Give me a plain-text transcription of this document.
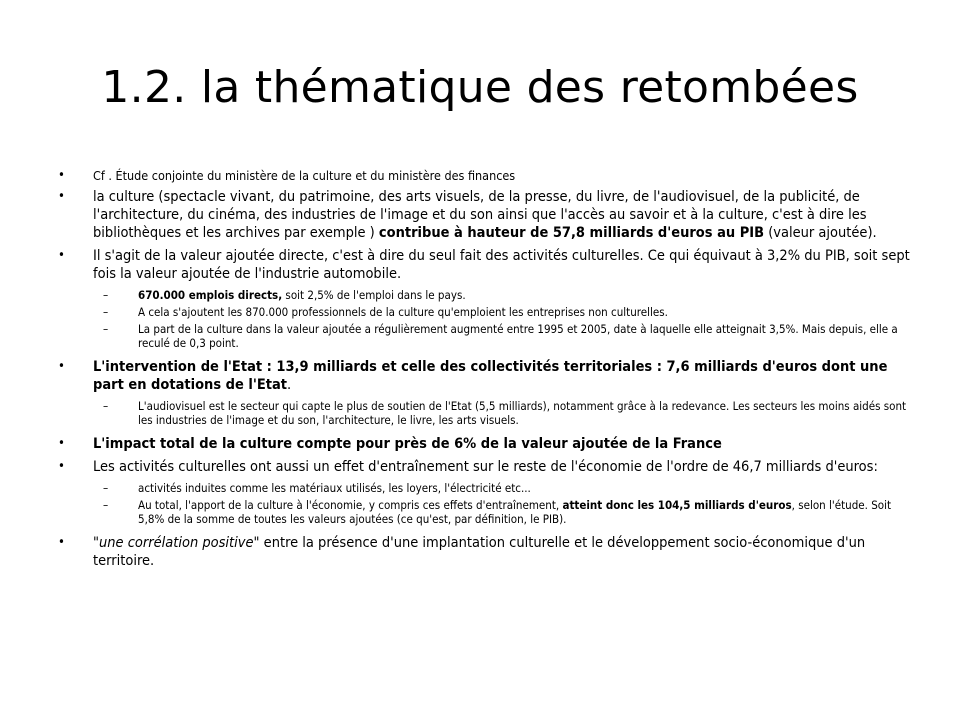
1.2. la thématique des retombées
• Cf . Étude conjointe du ministère de la culture et du ministère des finances
• la culture (spectacle vivant, du patrimoine, des arts visuels, de la presse, du livre, de l'audiovisuel, de la publicité, de l'architecture, du cinéma, des industries de l'image et du son ainsi que l'accès au savoir et à la culture, c'est à dire les bibliothèques et les archives par exemple ) contribue à hauteur de 57,8 milliards d'euros au PIB (valeur ajoutée).
• Il s'agit de la valeur ajoutée directe, c'est à dire du seul fait des activités culturelles. Ce qui équivaut à 3,2% du PIB, soit sept fois la valeur ajoutée de l'industrie automobile.
–	670.000 emplois directs, soit 2,5% de l'emploi dans le pays.
–	A cela s'ajoutent les 870.000 professionnels de la culture qu'emploient les entreprises non culturelles.
–	La part de la culture dans la valeur ajoutée a régulièrement augmenté entre 1995 et 2005, date à laquelle elle atteignait 3,5%. Mais depuis, elle a reculé de 0,3 point.
• L'intervention de l'Etat : 13,9 milliards et celle des collectivités territoriales : 7,6 milliards d'euros dont une part en dotations de l'Etat.
–	L'audiovisuel est le secteur qui capte le plus de soutien de l'Etat (5,5 milliards), notamment grâce à la redevance. Les secteurs les moins aidés sont les industries de l'image et du son, l'architecture, le livre, les arts visuels.
• L'impact total de la culture compte pour près de 6% de la valeur ajoutée de la France
• Les activités culturelles ont aussi un effet d'entraînement sur le reste de l'économie de l'ordre de 46,7 milliards d'euros:
–	activités induites comme les matériaux utilisés, les loyers, l'électricité etc...
–	Au total, l'apport de la culture à l'économie, y compris ces effets d'entraînement, atteint donc les 104,5 milliards d'euros, selon l'étude. Soit 5,8% de la somme de toutes les valeurs ajoutées (ce qu'est, par définition, le PIB).
• "une corrélation positive" entre la présence d'une implantation culturelle et le développement socio-économique d'un territoire.
